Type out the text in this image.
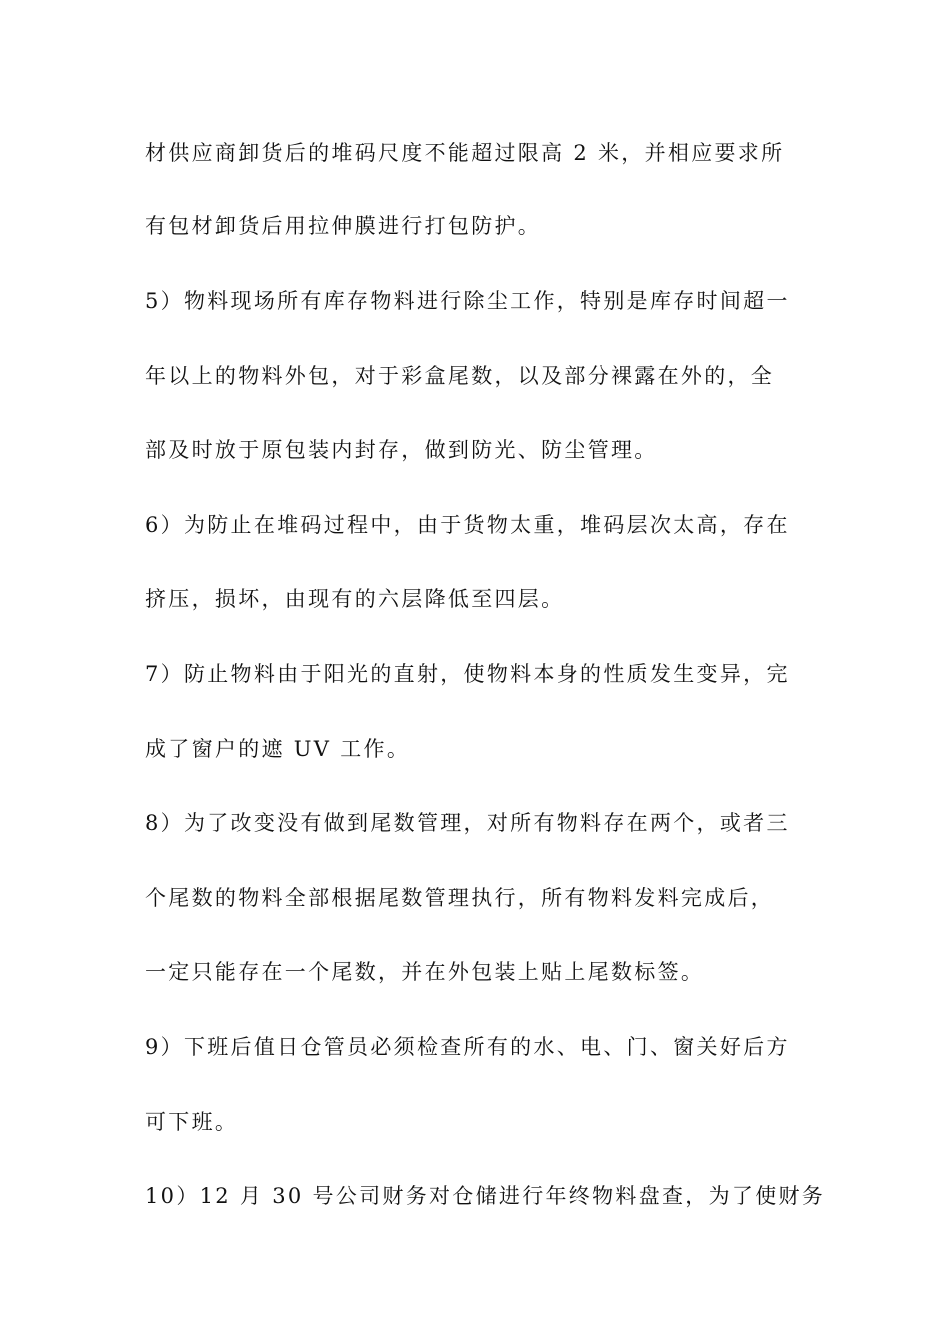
材供应商卸货后的堆码尺度不能超过限高 2 米，并相应要求所
有包材卸货后用拉伸膜进行打包防护。
5）物料现场所有库存物料进行除尘工作，特别是库存时间超一
年以上的物料外包，对于彩盒尾数，以及部分裸露在外的，全
部及时放于原包装内封存，做到防光、防尘管理。
6）为防止在堆码过程中，由于货物太重，堆码层次太高，存在
挤压，损坏，由现有的六层降低至四层。
7）防止物料由于阳光的直射，使物料本身的性质发生变异，完
成了窗户的遮 UV 工作。
8）为了改变没有做到尾数管理，对所有物料存在两个，或者三
个尾数的物料全部根据尾数管理执行，所有物料发料完成后，
一定只能存在一个尾数，并在外包装上贴上尾数标签。
9）下班后值日仓管员必须检查所有的水、电、门、窗关好后方
可下班。
10）12 月 30 号公司财务对仓储进行年终物料盘查，为了使财务
